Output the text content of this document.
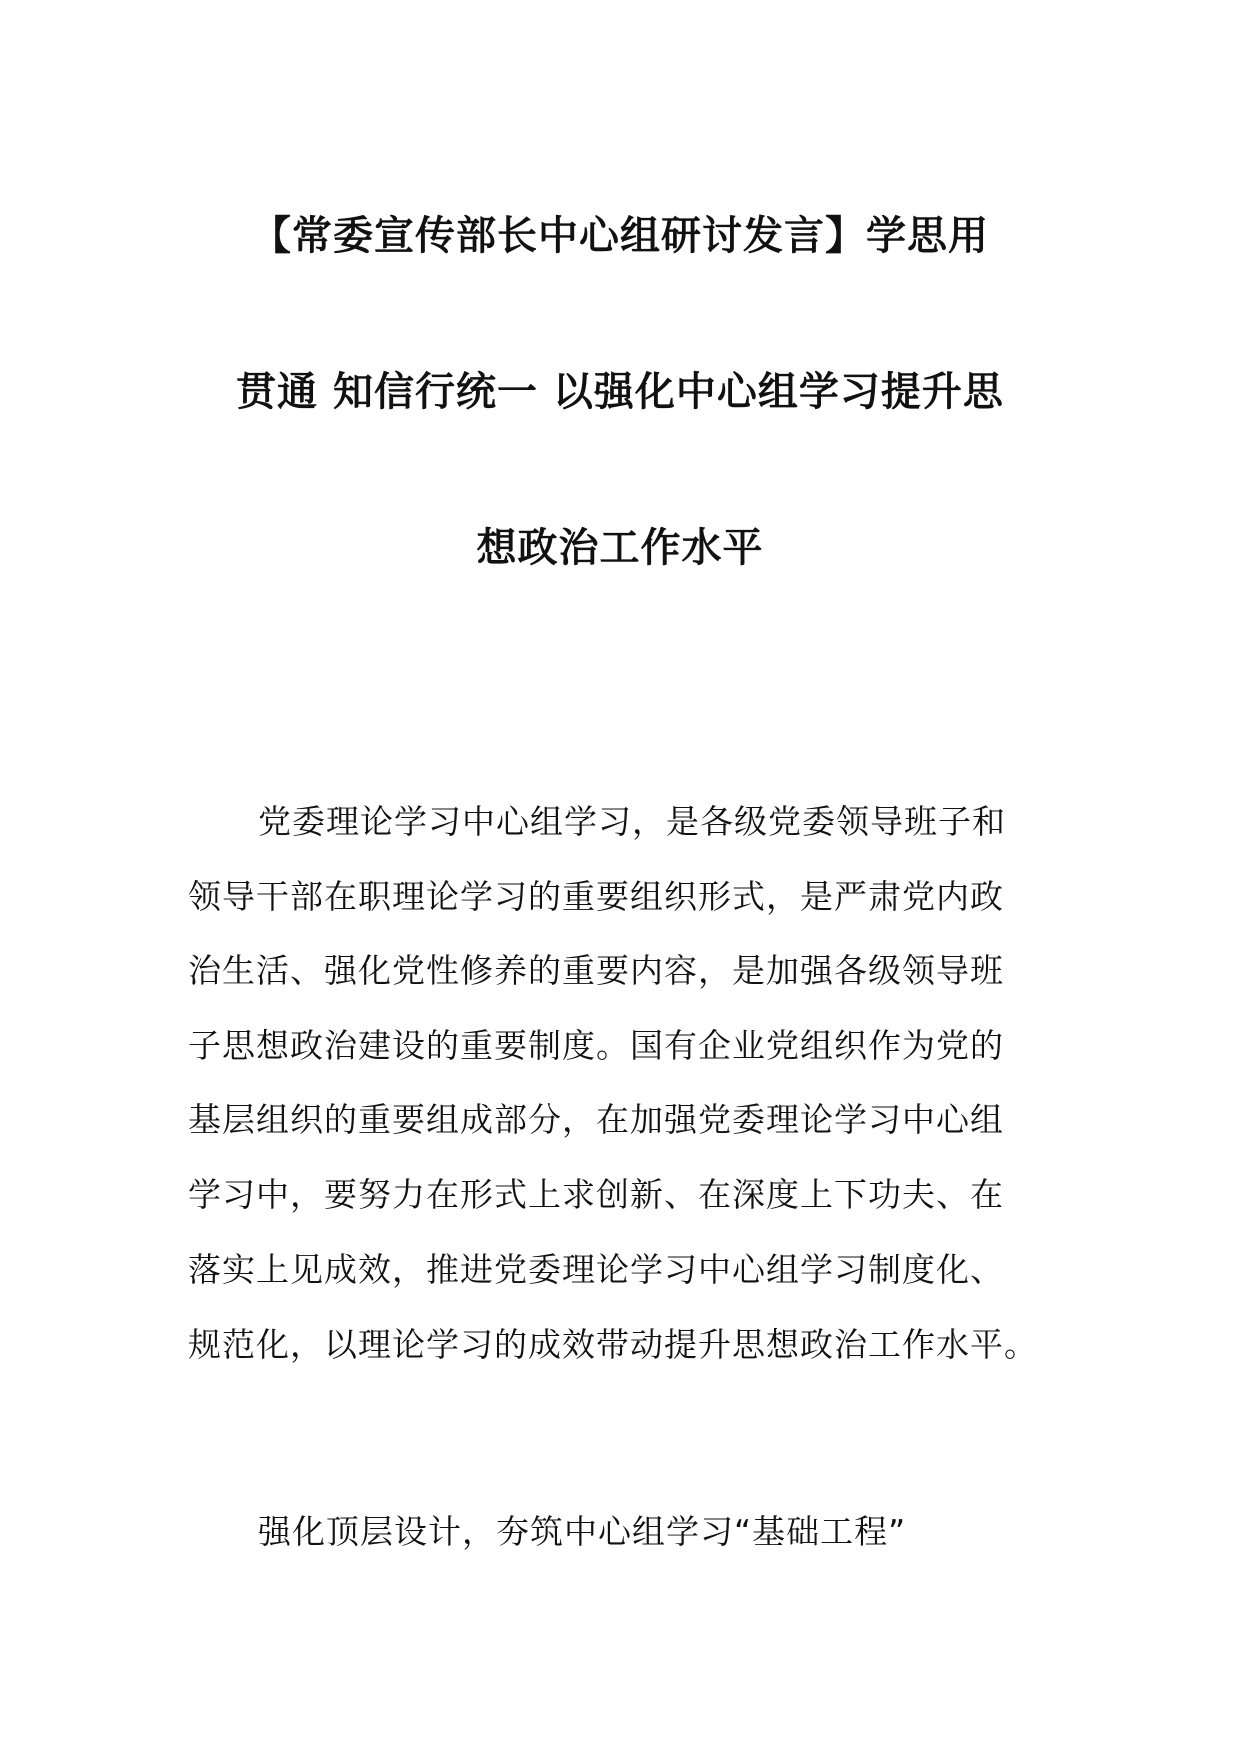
【常委宣传部长中心组研讨发言】学思用
贯通 知信行统一 以强化中心组学习提升思
想政治工作水平
党委理论学习中心组学习，是各级党委领导班子和
领导干部在职理论学习的重要组织形式，是严肃党内政
治生活、强化党性修养的重要内容，是加强各级领导班
子思想政治建设的重要制度。国有企业党组织作为党的
基层组织的重要组成部分，在加强党委理论学习中心组
学习中，要努力在形式上求创新、在深度上下功夫、在
落实上见成效，推进党委理论学习中心组学习制度化、
规范化，以理论学习的成效带动提升思想政治工作水平。
强化顶层设计，夯筑中心组学习“基础工程”
